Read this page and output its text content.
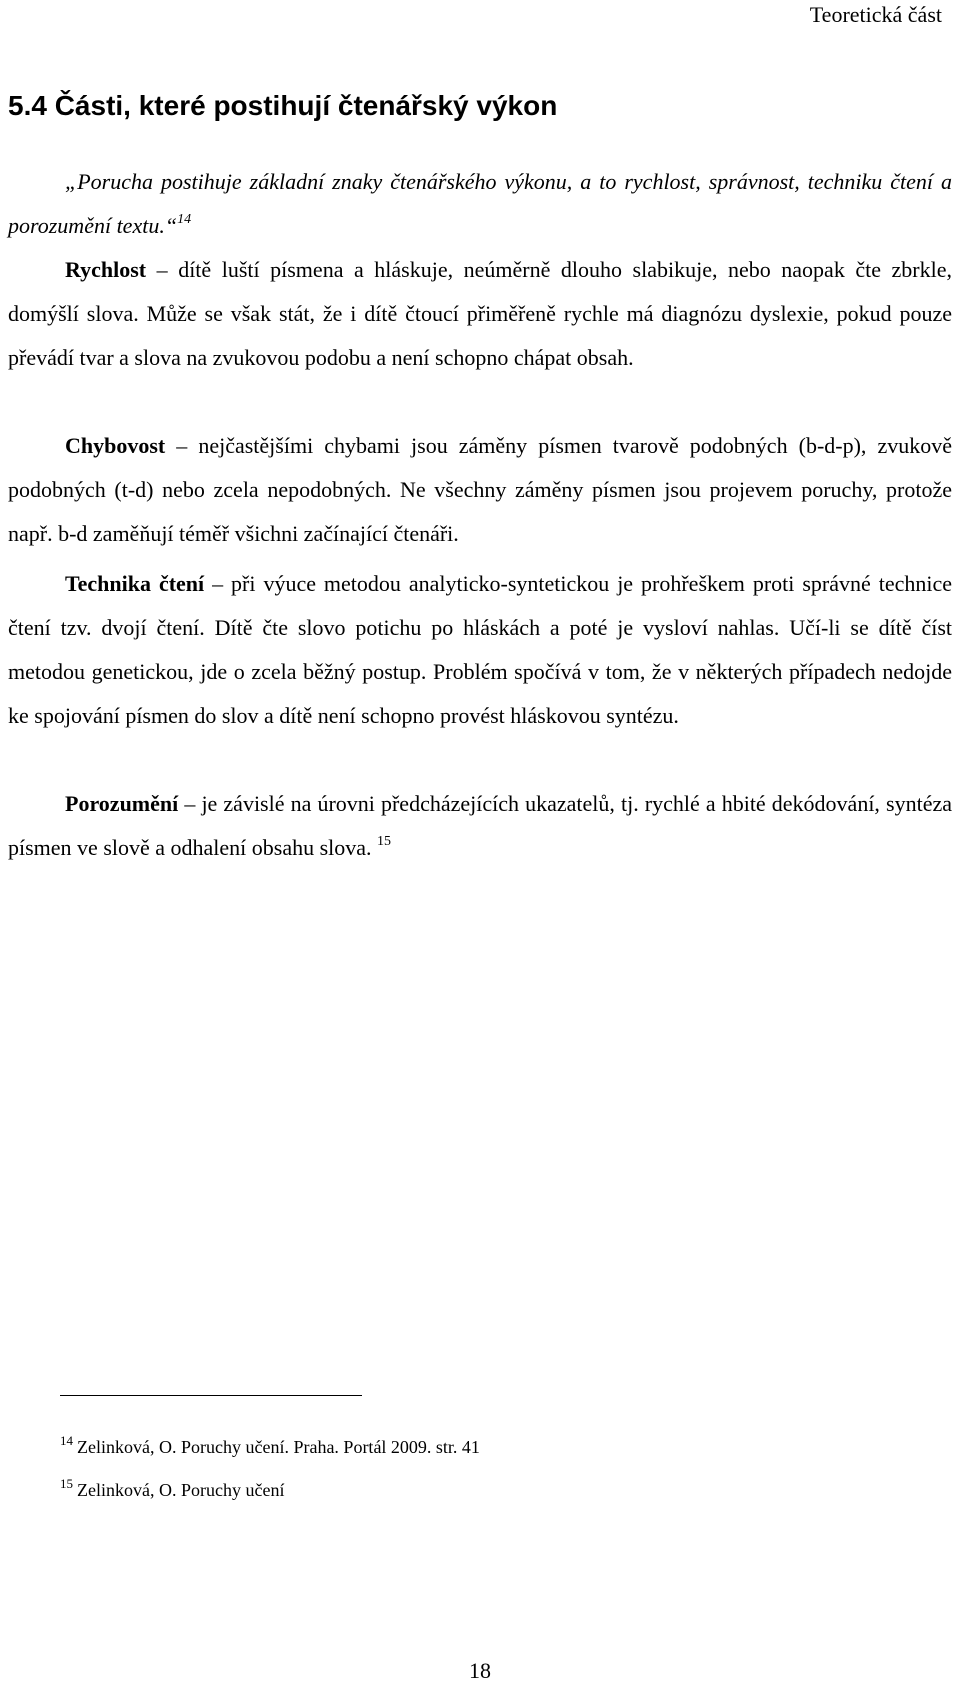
Teoretická část
5.4 Části, které postihují čtenářský výkon

„Porucha postihuje základní znaky čtenářského výkonu, a to rychlost, správnost, techniku čtení a porozumění textu.“$^{14}$

Rychlost – dítě luští písmena a hláskuje, neúměrně dlouho slabikuje, nebo naopak čte zbrkle, domýšlí slova. Může se však stát, že i dítě čtoucí přiměřeně rychle má diagnózu dyslexie, pokud pouze převádí tvar a slova na zvukovou podobu a není schopno chápat obsah.

Chybovost – nejčastějšími chybami jsou záměny písmen tvarově podobných (b-d-p), zvukově podobných (t-d) nebo zcela nepodobných. Ne všechny záměny písmen jsou projevem poruchy, protože např. b-d zaměňují téměř všichni začínající čtenáři.

Technika čtení – při výuce metodou analyticko-syntetickou je prohřeškem proti správné technice čtení tzv. dvojí čtení. Dítě čte slovo potichu po hláskách a poté je vysloví nahlas. Učí-li se dítě číst metodou genetickou, jde o zcela běžný postup. Problém spočívá v tom, že v některých případech nedojde ke spojování písmen do slov a dítě není schopno provést hláskovou syntézu.

Porozumění – je závislé na úrovni předcházejících ukazatelů, tj. rychlé a hbité dekódování, syntéza písmen ve slově a odhalení obsahu slova. $^{15}$

$^{14}$ Zelinková, O. Poruchy učení. Praha. Portál 2009. str. 41

$^{15}$ Zelinková, O. Poruchy učení

18
